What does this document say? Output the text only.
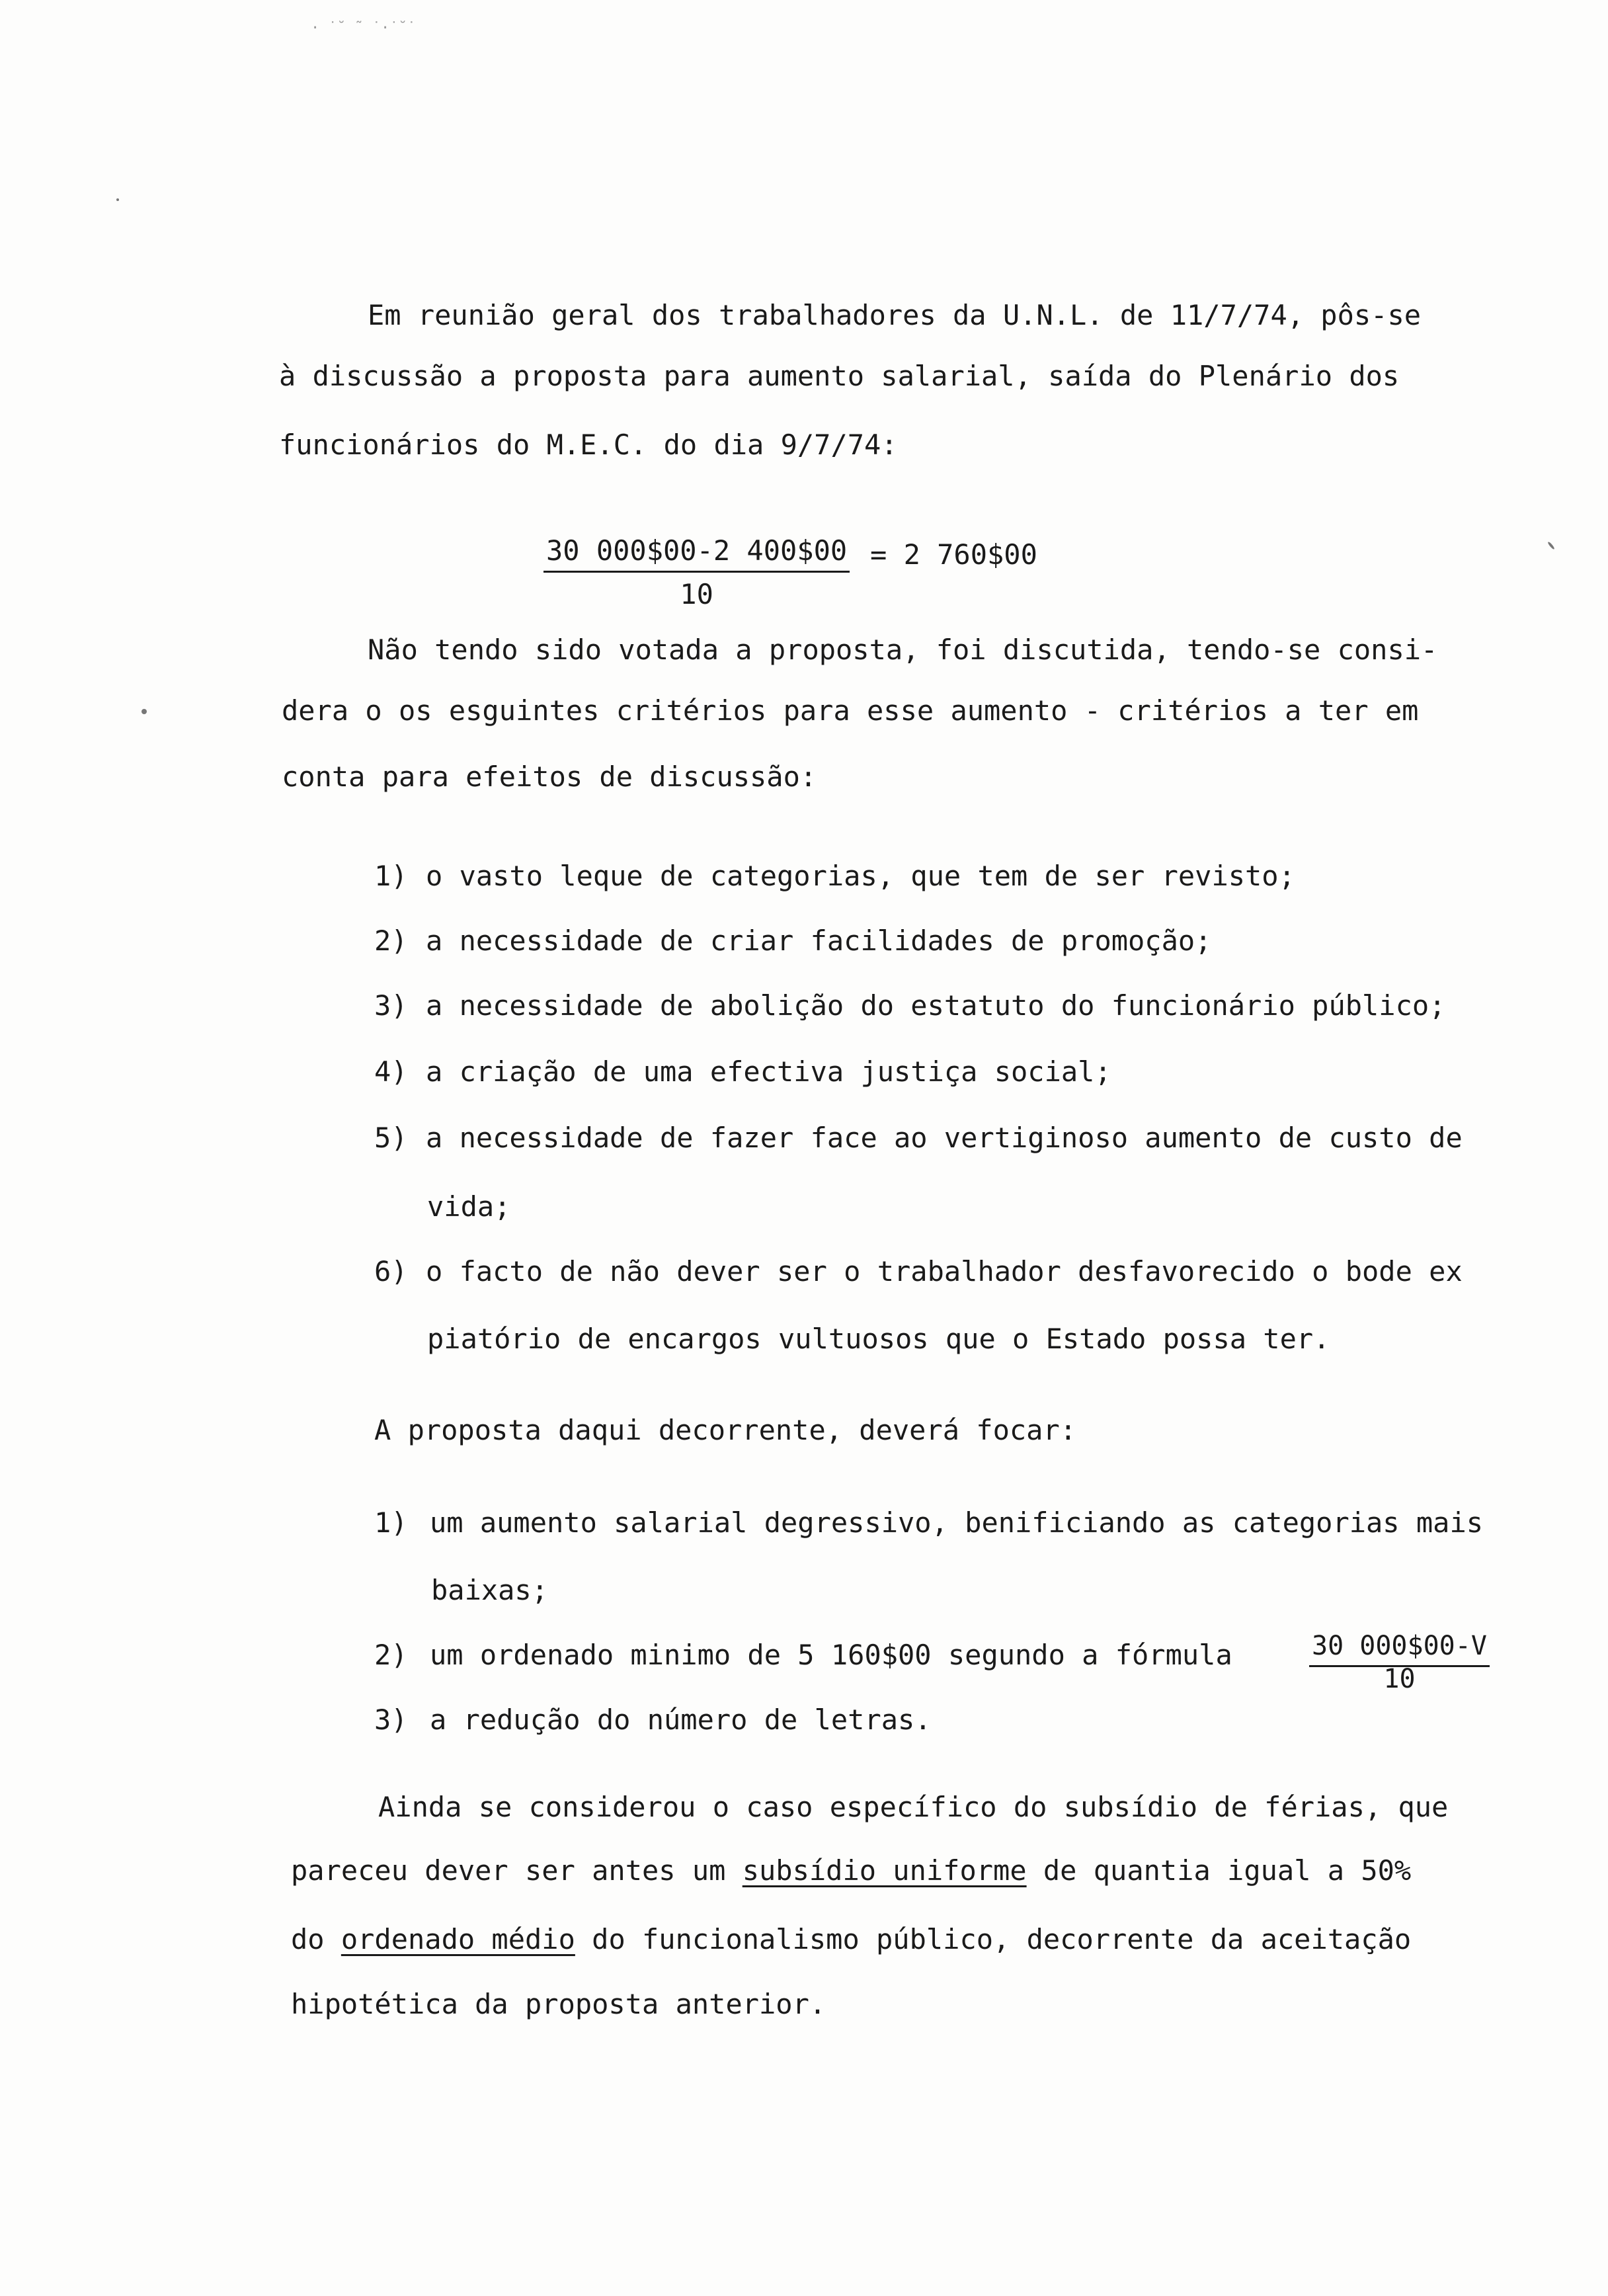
· ˙˘ ˜ ˙·˙˘˙
Em reunião geral dos trabalhadores da U.N.L. de 11/7/74, pôs-se
à discussão a proposta para aumento salarial, saída do Plenário dos
funcionários do M.E.C. do dia 9/7/74:
$\frac{30 000\$00-2 400\$00}{10} = 2$ 760$00
Não tendo sido votada a proposta, foi discutida, tendo-se consi-
dera o os esguintes critérios para esse aumento - critérios a ter em
conta para efeitos de discussão:
1) o vasto leque de categorias, que tem de ser revisto;
2) a necessidade de criar facilidades de promoção;
3) a necessidade de abolição do estatuto do funcionário público;
4) a criação de uma efectiva justiça social;
5) a necessidade de fazer face ao vertiginoso aumento de custo de
vida;
6) o facto de não dever ser o trabalhador desfavorecido o bode ex
piatório de encargos vultuosos que o Estado possa ter.
A proposta daqui decorrente, deverá focar:
1) um aumento salarial degressivo, benificiando as categorias mais
baixas;
2) um ordenado minimo de 5 160$00 segundo a fórmula	$\frac{30 000\$00-V}{10}$
3) a redução do número de letras.
Ainda se considerou o caso específico do subsídio de férias, que
pareceu dever ser antes um subsídio uniforme de quantia igual a 50%
do ordenado médio do funcionalismo público, decorrente da aceitação
hipotética da proposta anterior.
